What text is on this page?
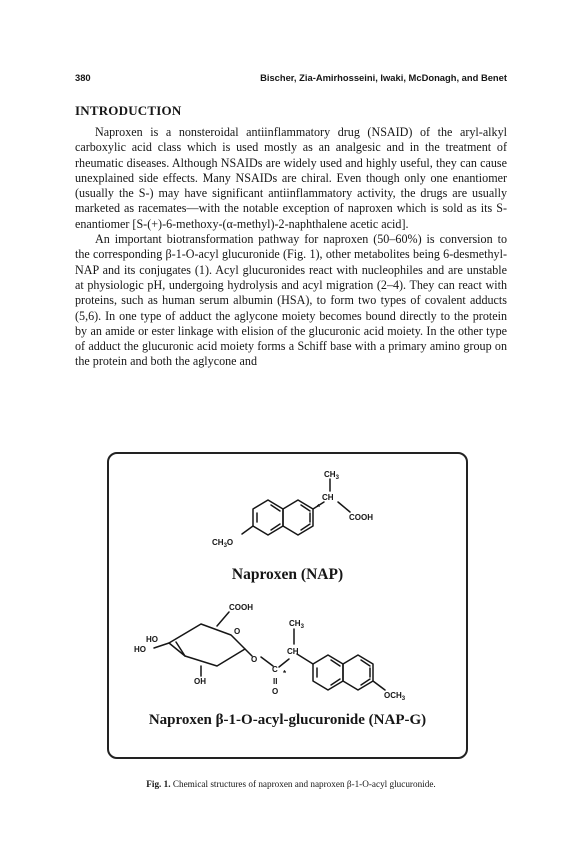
380	Bischer, Zia-Amirhosseini, Iwaki, McDonagh, and Benet
INTRODUCTION

Naproxen is a nonsteroidal antiinflammatory drug (NSAID) of the aryl-alkyl carboxylic acid class which is used mostly as an analgesic and in the treatment of rheumatic diseases. Although NSAIDs are widely used and highly useful, they can cause unexplained side effects. Many NSAIDs are chiral. Even though only one enantiomer (usually the S-) may have significant antiinflammatory activity, the drugs are usually marketed as racemates—with the notable exception of naproxen which is sold as its S-enantiomer [S-(+)-6-methoxy-(α-methyl)-2-naphthalene acetic acid].

An important biotransformation pathway for naproxen (50–60%) is conversion to the corresponding β-1-O-acyl glucuronide (Fig. 1), other metabolites being 6-desmethyl-NAP and its conjugates (1). Acyl glucuronides react with nucleophiles and are unstable at physiologic pH, undergoing hydrolysis and acyl migration (2–4). They can react with proteins, such as human serum albumin (HSA), to form two types of covalent adducts (5,6). In one type of adduct the aglycone moiety becomes bound directly to the protein by an amide or ester linkage with elision of the glucuronic acid moiety. In the other type of adduct the glucuronic acid moiety forms a Schiff base with a primary amino group on the protein and both the aglycone and

$CH_3$
CH
*
COOH
$CH_3O$
COOH
O
HO
HO
OH
O
C *
II
O
$CH_3$
CH
$OCH_3$

Naproxen (NAP)

Naproxen β-1-O-acyl-glucuronide (NAP-G)

Fig. 1. Chemical structures of naproxen and naproxen β-1-O-acyl glucuronide.
